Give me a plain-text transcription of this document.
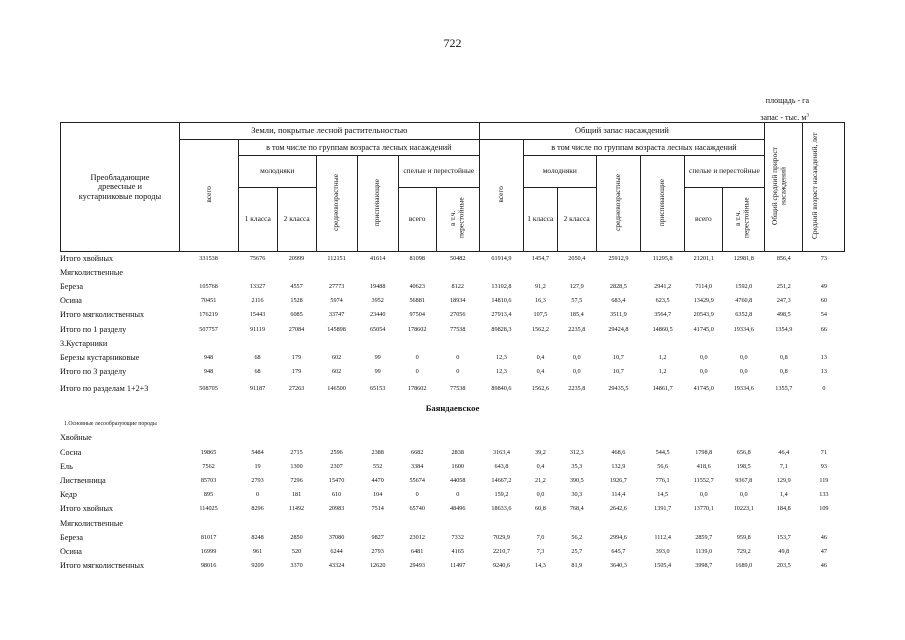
722
площадь - га
запас - тыс. $м^3$
Преобладающие древесные и кустарниковые породы	Земли, покрытые лесной растительностью							Общий запас насаждений							Общий средний прирост насаждений	Средний возраст насаждений, лет
	всего	в том числе по группам возраста лесных насаждений						всего	в том числе по группам возраста лесных насаждений							
		молодняки		средневозрастные	приспевающие	спелые и перестойные			молодняки		средневозрастные	приспевающие	спелые и перестойные			
		1 класса	2 класса			всего	в т.ч. перестойные		1 класса	2 класса			всего	в т.ч. перестойные		

Итого хвойных	331538	75676	20999	112151	41614	81098	50482	61914,9	1454,7	2050,4	25912,9	11295,8	21201,1	12981,8	856,4	73
Мягколиственные																
Береза	105768	13327	4557	27773	19488	40623	8122	13102,8	91,2	127,9	2828,5	2941,2	7114,0	1592,0	251,2	49
Осина	70451	2116	1528	5974	3952	56881	18934	14810,6	16,3	57,5	683,4	623,5	13429,9	4760,8	247,3	60
Итого мягколиственных	176219	15443	6085	33747	23440	97504	27056	27913,4	107,5	185,4	3511,9	3564,7	20543,9	6352,8	498,5	54
Итого по 1 разделу	507757	91119	27084	145898	65054	178602	77538	89828,3	1562,2	2235,8	29424,8	14860,5	41745,0	19334,6	1354,9	66
3.Кустарники																
Березы кустарниковые	948	68	179	602	99	0	0	12,3	0,4	0,0	10,7	1,2	0,0	0,0	0,8	13
Итого по 3 разделу	948	68	179	602	99	0	0	12,3	0,4	0,0	10,7	1,2	0,0	0,0	0,8	13
Итого по разделам 1+2+3	508705	91187	27263	146500	65153	178602	77538	89840,6	1562,6	2235,8	29435,5	14861,7	41745,0	19334,6	1355,7	0
Баяндаевское																
1.Основные лесообразующие породы																
Хвойные																
Сосна	19865	5484	2715	2596	2388	6682	2838	3163,4	39,2	312,3	468,6	544,5	1798,8	656,8	46,4	71
Ель	7562	19	1300	2307	552	3384	1600	643,8	0,4	35,3	132,9	56,6	418,6	198,5	7,1	93
Лиственница	85703	2793	7296	15470	4470	55674	44058	14667,2	21,2	390,5	1926,7	776,1	11552,7	9367,8	129,9	119
Кедр	895	0	181	610	104	0	0	159,2	0,0	30,3	114,4	14,5	0,0	0,0	1,4	133
Итого хвойных	114025	8296	11492	20983	7514	65740	48496	18633,6	60,8	768,4	2642,6	1391,7	13770,1	10223,1	184,8	109
Мягколиственные																
Береза	81017	8248	2850	37080	9827	23012	7332	7029,9	7,0	56,2	2994,6	1112,4	2859,7	959,8	153,7	46
Осина	16999	961	520	6244	2793	6481	4165	2210,7	7,3	25,7	645,7	393,0	1139,0	729,2	49,8	47
Итого мягколиственных	98016	9209	3370	43324	12620	29493	11497	9240,6	14,3	81,9	3640,3	1505,4	3998,7	1689,0	203,5	46
